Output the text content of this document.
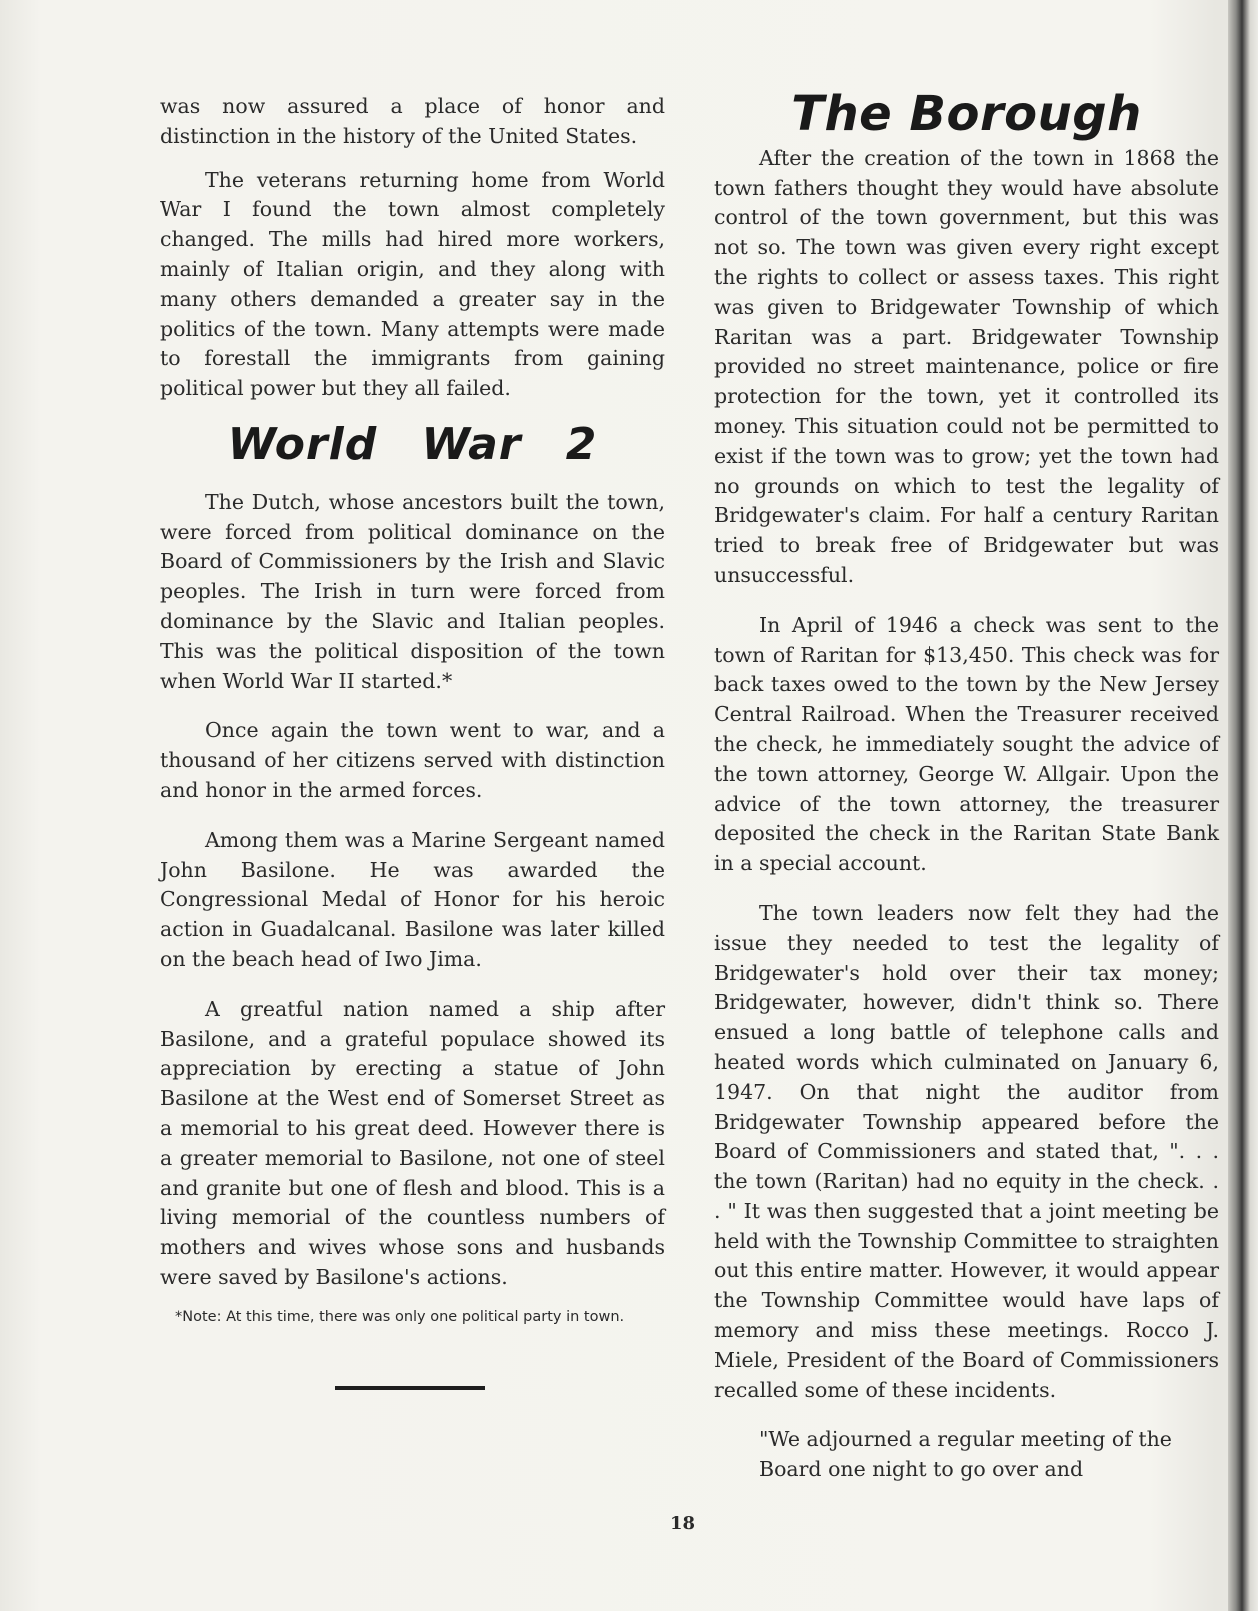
was now assured a place of honor and distinction in the history of the United States.

The veterans returning home from World War I found the town almost completely changed. The mills had hired more workers, mainly of Italian origin, and they along with many others demanded a greater say in the politics of the town. Many attempts were made to forestall the immigrants from gaining political power but they all failed.

World War 2

The Dutch, whose ancestors built the town, were forced from political dominance on the Board of Commissioners by the Irish and Slavic peoples. The Irish in turn were forced from dominance by the Slavic and Italian peoples. This was the political disposition of the town when World War II started.*

Once again the town went to war, and a thousand of her citizens served with distinction and honor in the armed forces.

Among them was a Marine Sergeant named John Basilone. He was awarded the Congressional Medal of Honor for his heroic action in Guadalcanal. Basilone was later killed on the beach head of Iwo Jima.

A greatful nation named a ship after Basilone, and a grateful populace showed its appreciation by erecting a statue of John Basilone at the West end of Somerset Street as a memorial to his great deed. However there is a greater memorial to Basilone, not one of steel and granite but one of flesh and blood. This is a living memorial of the countless numbers of mothers and wives whose sons and husbands were saved by Basilone's actions.

*Note: At this time, there was only one political party in town.

The Borough

After the creation of the town in 1868 the town fathers thought they would have absolute control of the town government, but this was not so. The town was given every right except the rights to collect or assess taxes. This right was given to Bridgewater Township of which Raritan was a part. Bridgewater Township provided no street maintenance, police or fire protection for the town, yet it controlled its money. This situation could not be permitted to exist if the town was to grow; yet the town had no grounds on which to test the legality of Bridgewater's claim. For half a century Raritan tried to break free of Bridgewater but was unsuccessful.

In April of 1946 a check was sent to the town of Raritan for $13,450. This check was for back taxes owed to the town by the New Jersey Central Railroad. When the Treasurer received the check, he immediately sought the advice of the town attorney, George W. Allgair. Upon the advice of the town attorney, the treasurer deposited the check in the Raritan State Bank in a special account.

The town leaders now felt they had the issue they needed to test the legality of Bridgewater's hold over their tax money; Bridgewater, however, didn't think so. There ensued a long battle of telephone calls and heated words which culminated on January 6, 1947. On that night the auditor from Bridgewater Township appeared before the Board of Commissioners and stated that, ". . . the town (Raritan) had no equity in the check. . . " It was then suggested that a joint meeting be held with the Township Committee to straighten out this entire matter. However, it would appear the Township Committee would have laps of memory and miss these meetings. Rocco J. Miele, President of the Board of Commissioners recalled some of these incidents.

"We adjourned a regular meeting of the Board one night to go over and

18
